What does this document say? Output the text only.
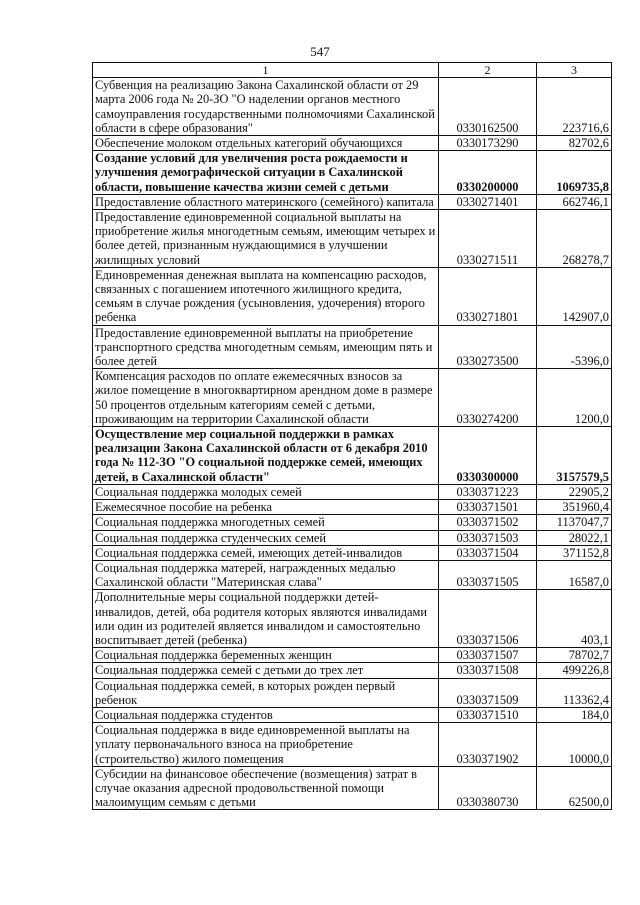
547
1	2	3
Субвенция на реализацию Закона Сахалинской области от 29 марта 2006 года № 20-ЗО "О наделении органов местного самоуправления государственными полномочиями Сахалинской области в сфере образования"	0330162500	223716,6
Обеспечение молоком отдельных категорий обучающихся	0330173290	82702,6
Создание условий для увеличения роста рождаемости и улучшения демографической ситуации в Сахалинской области, повышение качества жизни семей с детьми	0330200000	1069735,8
Предоставление областного материнского (семейного) капитала	0330271401	662746,1
Предоставление единовременной социальной выплаты на приобретение жилья многодетным семьям, имеющим четырех и более детей, признанным нуждающимися в улучшении жилищных условий	0330271511	268278,7
Единовременная денежная выплата на компенсацию расходов, связанных с погашением ипотечного жилищного кредита, семьям в случае рождения (усыновления, удочерения) второго ребенка	0330271801	142907,0
Предоставление единовременной выплаты на приобретение транспортного средства многодетным семьям, имеющим пять и более детей	0330273500	-5396,0
Компенсация расходов по оплате ежемесячных взносов за жилое помещение в многоквартирном арендном доме в размере 50 процентов отдельным категориям семей с детьми, проживающим на территории Сахалинской области	0330274200	1200,0
Осуществление мер социальной поддержки в рамках реализации Закона Сахалинской области от 6 декабря 2010 года № 112-ЗО "О социальной поддержке семей, имеющих детей, в Сахалинской области"	0330300000	3157579,5
Социальная поддержка молодых семей	0330371223	22905,2
Ежемесячное пособие на ребенка	0330371501	351960,4
Социальная поддержка многодетных семей	0330371502	1137047,7
Социальная поддержка студенческих семей	0330371503	28022,1
Социальная поддержка семей, имеющих детей-инвалидов	0330371504	371152,8
Социальная поддержка матерей, награжденных медалью Сахалинской области "Материнская слава"	0330371505	16587,0
Дополнительные меры социальной поддержки детей-инвалидов, детей, оба родителя которых являются инвалидами или один из родителей является инвалидом и самостоятельно воспитывает детей (ребенка)	0330371506	403,1
Социальная поддержка беременных женщин	0330371507	78702,7
Социальная поддержка семей с детьми до трех лет	0330371508	499226,8
Социальная поддержка семей, в которых рожден первый ребенок	0330371509	113362,4
Социальная поддержка студентов	0330371510	184,0
Социальная поддержка в виде единовременной выплаты на уплату первоначального взноса на приобретение (строительство) жилого помещения	0330371902	10000,0
Субсидии на финансовое обеспечение (возмещения) затрат в случае оказания адресной продовольственной помощи малоимущим семьям с детьми	0330380730	62500,0
